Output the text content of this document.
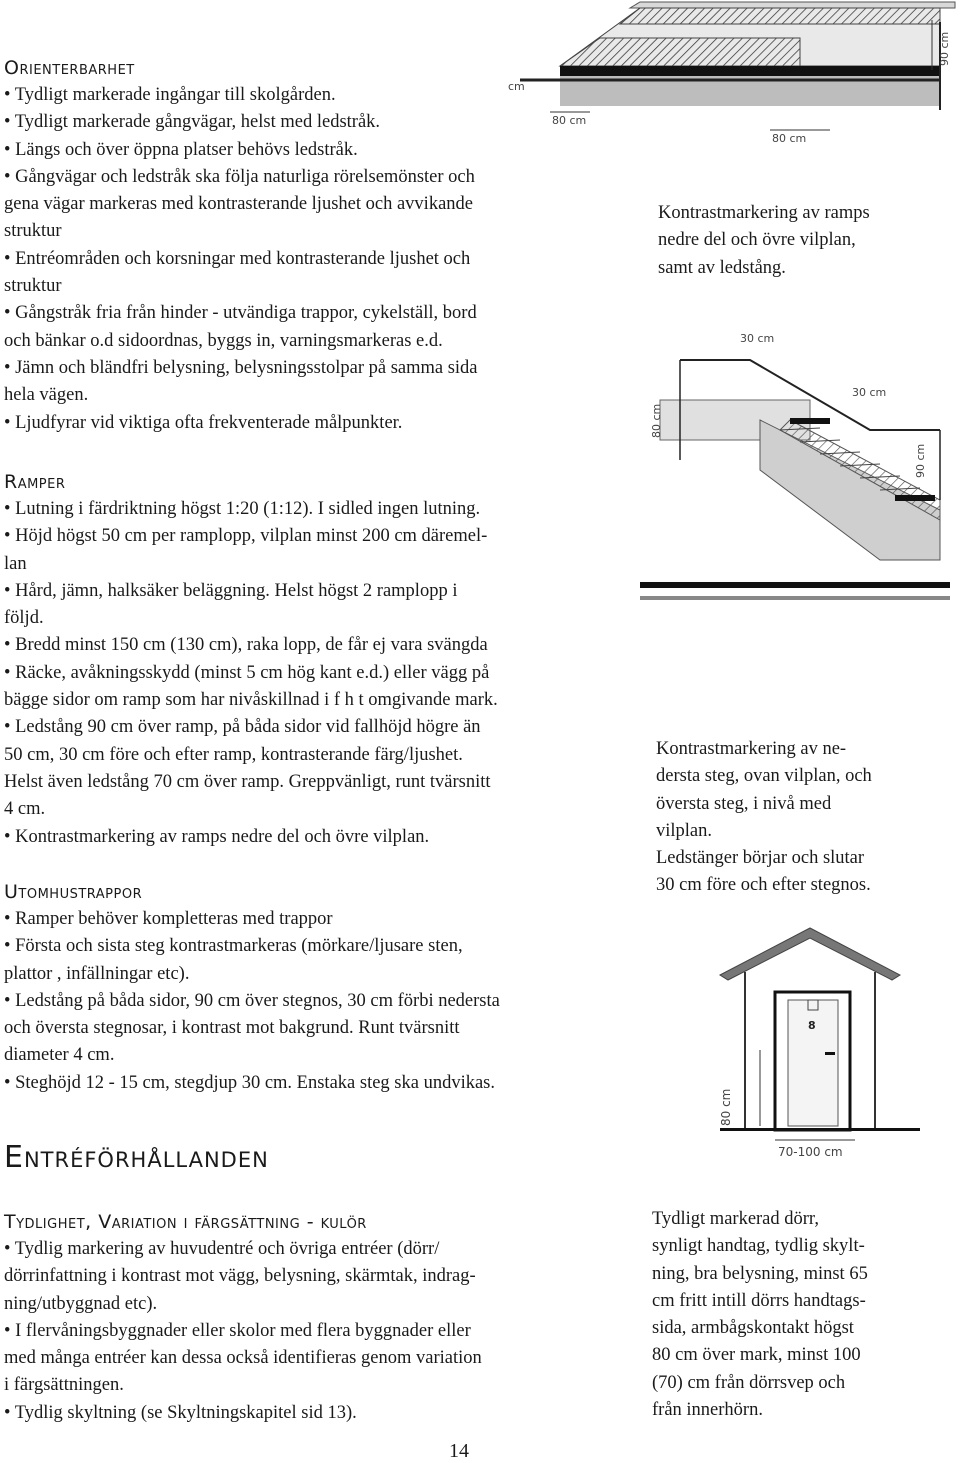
Orienterbarhet
• Tydligt markerade ingångar till skolgården.
• Tydligt markerade gångvägar, helst med ledstråk.
• Längs och över öppna platser behövs ledstråk.
• Gångvägar och ledstråk ska följa naturliga rörelsemönster och
gena vägar markeras med kontrasterande ljushet och avvikande
struktur
• Entréområden och korsningar med kontrasterande ljushet och
struktur
• Gångstråk fria från hinder - utvändiga trappor, cykelställ, bord
och bänkar o.d sidoordnas, byggs in, varningsmarkeras e.d.
• Jämn och bländfri belysning, belysningsstolpar på samma sida
hela vägen.
• Ljudfyrar vid viktiga ofta frekventerade målpunkter.
Ramper
• Lutning i färdriktning högst 1:20 (1:12). I sidled ingen lutning.
• Höjd högst 50 cm per ramplopp, vilplan minst 200 cm däremel-
lan
• Hård, jämn, halksäker beläggning. Helst högst 2 ramplopp i
följd.
• Bredd minst 150 cm (130 cm), raka lopp, de får ej vara svängda
• Räcke, avåkningsskydd (minst 5 cm hög kant e.d.) eller vägg på
bägge sidor om ramp som har nivåskillnad i f h t omgivande mark.
• Ledstång 90 cm över ramp, på båda sidor vid fallhöjd högre än
50 cm, 30 cm före och efter ramp, kontrasterande färg/ljushet.
Helst även ledstång 70 cm över ramp. Greppvänligt, runt tvärsnitt
4 cm.
• Kontrastmarkering av ramps nedre del och övre vilplan.
Utomhustrappor
• Ramper behöver kompletteras med trappor
• Första och sista steg kontrastmarkeras (mörkare/ljusare sten,
plattor , infällningar etc).
• Ledstång på båda sidor, 90 cm över stegnos, 30 cm förbi nedersta
och översta stegnosar, i kontrast mot bakgrund. Runt tvärsnitt
diameter 4 cm.
• Steghöjd 12 - 15 cm, stegdjup 30 cm. Enstaka steg ska undvikas.
Entréförhållanden
Tydlighet, Variation i färgsättning - kulör
• Tydlig markering av huvudentré och övriga entréer (dörr/
dörrinfattning i kontrast mot vägg, belysning, skärmtak, indrag-
ning/utbyggnad etc).
• I flervåningsbyggnader eller skolor med flera byggnader eller
med många entréer kan dessa också identifieras genom variation
i färgsättningen.
• Tydlig skyltning (se Skyltningskapitel sid 13).
Kontrastmarkering av ramps
nedre del och övre vilplan,
samt av ledstång.
Kontrastmarkering av ne-
dersta steg, ovan vilplan, och
översta steg, i nivå med
vilplan.
Ledstänger börjar och slutar
30 cm före och efter stegnos.
Tydligt markerad dörr,
synligt handtag, tydlig skylt-
ning, bra belysning, minst 65
cm fritt intill dörrs handtags-
sida, armbågskontakt högst
80 cm över mark, minst 100
(70) cm från dörrsvep och
från innerhörn.
cm
80 cm
80 cm
90 cm
30 cm
30 cm
80 cm
90 cm
8
80 cm
70-100 cm
14
